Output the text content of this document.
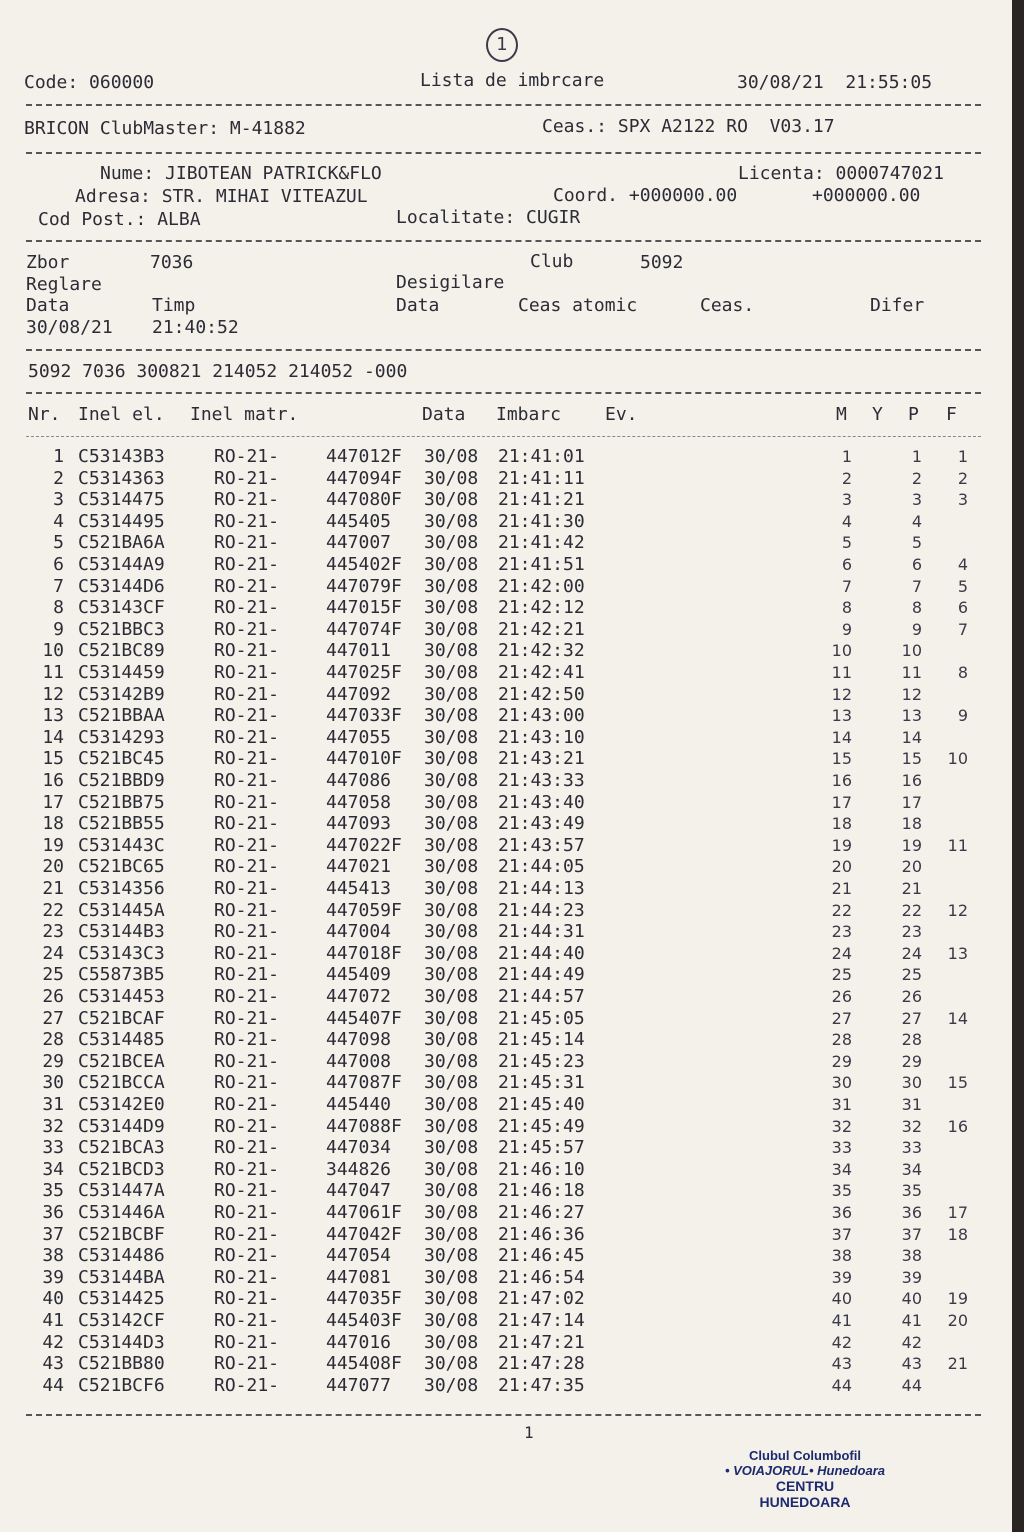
1
Code: 060000	Lista de imbrcare	30/08/21  21:55:05
BRICON ClubMaster: M-41882	Ceas.: SPX A2122 RO  V03.17
Nume: JIBOTEAN PATRICK&FLO	Licenta: 0000747021
Adresa: STR. MIHAI VITEAZUL	Coord. +000000.00	+000000.00
Cod Post.: ALBA	Localitate: CUGIR
Zbor	7036	Club	5092
Reglare	Desigilare
Data	Timp	Data	Ceas atomic	Ceas.	Difer
30/08/21 21:40:52
5092 7036 300821 214052 214052 -000
Nr. Inel el. Inel matr.	Data Imbarc Ev.	M Y P F
1 C53143B3	RO-21-	447012F 30/08 21:41:01	1	1	1
2 C5314363	RO-21-	447094F 30/08 21:41:11	2	2	2
3 C5314475	RO-21-	447080F 30/08 21:41:21	3	3	3
4 C5314495	RO-21-	445405 30/08 21:41:30	4	4
5 C521BA6A	RO-21-	447007 30/08 21:41:42	5	5
6 C53144A9	RO-21-	445402F 30/08 21:41:51	6	6	4
7 C53144D6	RO-21-	447079F 30/08 21:42:00	7	7	5
8 C53143CF	RO-21-	447015F 30/08 21:42:12	8	8	6
9 C521BBC3	RO-21-	447074F 30/08 21:42:21	9	9	7
10 C521BC89	RO-21-	447011 30/08 21:42:32	10	10
11 C5314459	RO-21-	447025F 30/08 21:42:41	11	11	8
12 C53142B9	RO-21-	447092 30/08 21:42:50	12	12
13 C521BBAA	RO-21-	447033F 30/08 21:43:00	13	13	9
14 C5314293	RO-21-	447055 30/08 21:43:10	14	14
15 C521BC45	RO-21-	447010F 30/08 21:43:21	15	15	10
16 C521BBD9	RO-21-	447086 30/08 21:43:33	16	16
17 C521BB75	RO-21-	447058 30/08 21:43:40	17	17
18 C521BB55	RO-21-	447093 30/08 21:43:49	18	18
19 C531443C	RO-21-	447022F 30/08 21:43:57	19	19	11
20 C521BC65	RO-21-	447021 30/08 21:44:05	20	20
21 C5314356	RO-21-	445413 30/08 21:44:13	21	21
22 C531445A	RO-21-	447059F 30/08 21:44:23	22	22	12
23 C53144B3	RO-21-	447004 30/08 21:44:31	23	23
24 C53143C3	RO-21-	447018F 30/08 21:44:40	24	24	13
25 C55873B5	RO-21-	445409 30/08 21:44:49	25	25
26 C5314453	RO-21-	447072 30/08 21:44:57	26	26
27 C521BCAF	RO-21-	445407F 30/08 21:45:05	27	27	14
28 C5314485	RO-21-	447098 30/08 21:45:14	28	28
29 C521BCEA	RO-21-	447008 30/08 21:45:23	29	29
30 C521BCCA	RO-21-	447087F 30/08 21:45:31	30	30	15
31 C53142E0	RO-21-	445440 30/08 21:45:40	31	31
32 C53144D9	RO-21-	447088F 30/08 21:45:49	32	32	16
33 C521BCA3	RO-21-	447034 30/08 21:45:57	33	33
34 C521BCD3	RO-21-	344826 30/08 21:46:10	34	34
35 C531447A	RO-21-	447047 30/08 21:46:18	35	35
36 C531446A	RO-21-	447061F 30/08 21:46:27	36	36	17
37 C521BCBF	RO-21-	447042F 30/08 21:46:36	37	37	18
38 C5314486	RO-21-	447054 30/08 21:46:45	38	38
39 C53144BA	RO-21-	447081 30/08 21:46:54	39	39
40 C5314425	RO-21-	447035F 30/08 21:47:02	40	40	19
41 C53142CF	RO-21-	445403F 30/08 21:47:14	41	41	20
42 C53144D3	RO-21-	447016 30/08 21:47:21	42	42
43 C521BB80	RO-21-	445408F 30/08 21:47:28	43	43	21
44 C521BCF6	RO-21-	447077 30/08 21:47:35	44	44
1
Clubul Columbofil
• VOIAJORUL• Hunedoara
CENTRU
HUNEDOARA
